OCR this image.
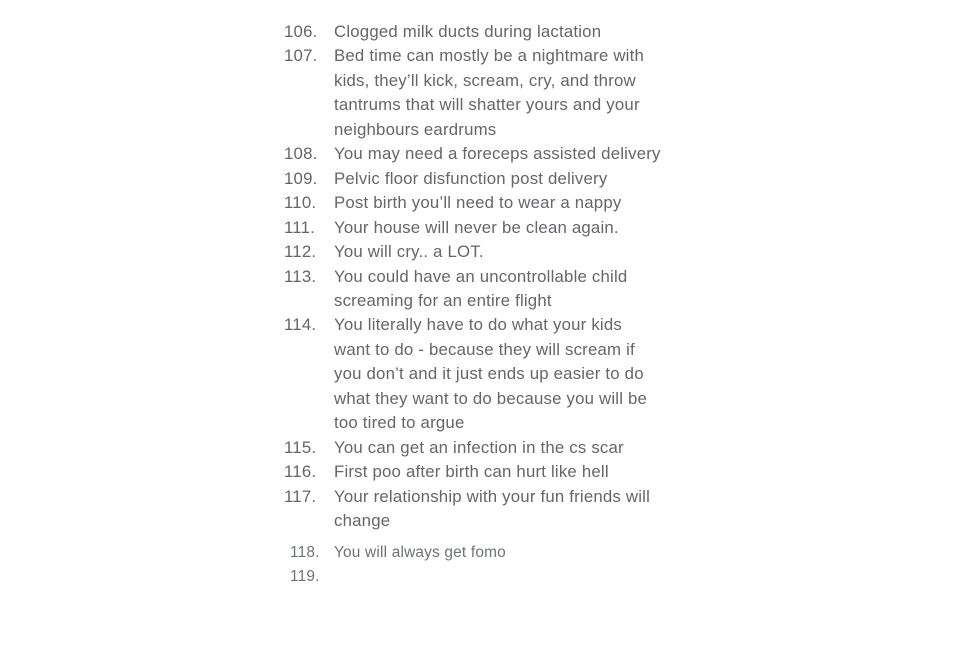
106. Clogged milk ducts during lactation
107. Bed time can mostly be a nightmare with
kids, they’ll kick, scream, cry, and throw
tantrums that will shatter yours and your
neighbours eardrums
108. You may need a foreceps assisted delivery
109. Pelvic floor disfunction post delivery
110.	Post birth you’ll need to wear a nappy
111.	Your house will never be clean again.
112.	You will cry.. a LOT.
113.	You could have an uncontrollable child
screaming for an entire flight
114.	You literally have to do what your kids
want to do - because they will scream if
you don’t and it just ends up easier to do
what they want to do because you will be
too tired to argue
115.	You can get an infection in the cs scar
116.	First poo after birth can hurt like hell
117.	Your relationship with your fun friends will
change
118. You will always get fomo
119.
